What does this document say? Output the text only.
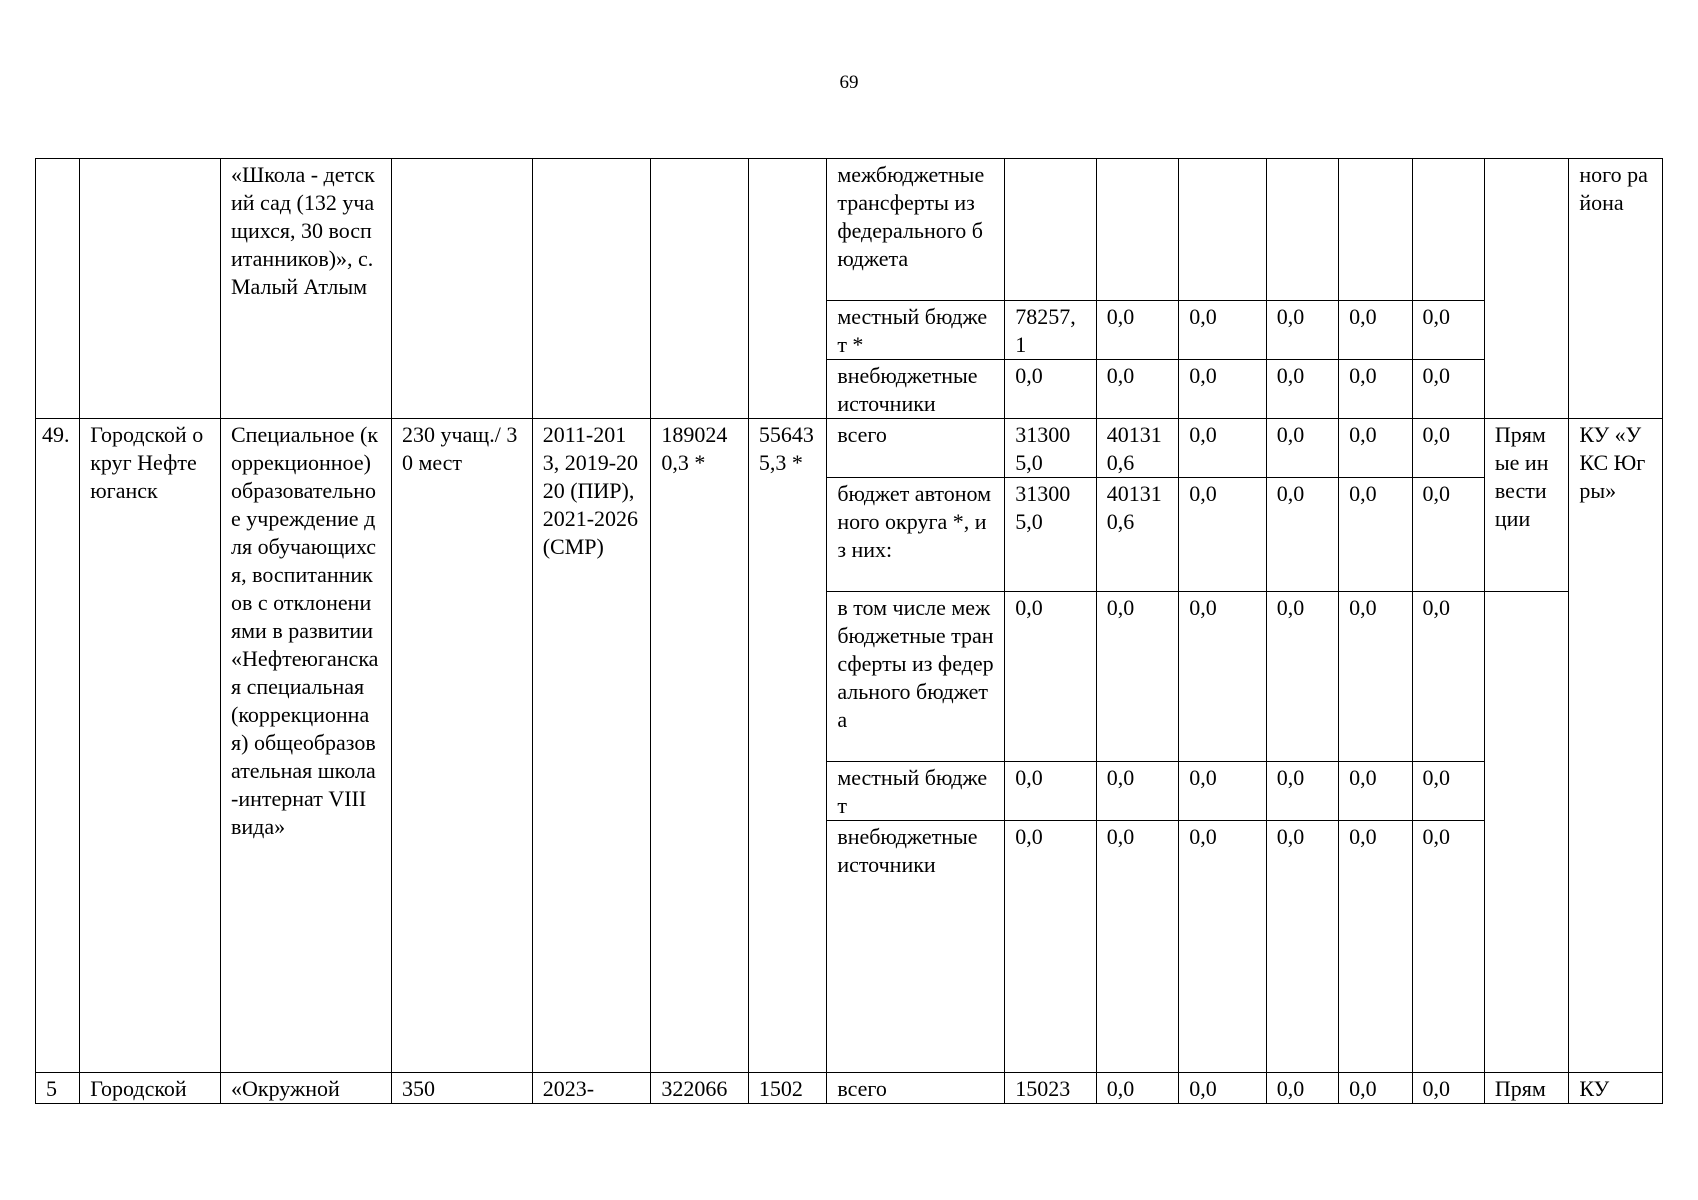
69
		«Школа - детский сад (132 учащихся, 30 воспитанников)», с. Малый Атлым					межбюджетные трансферты из федерального бюджета								ного района
							местный бюджет *	78257,1	0,0	0,0	0,0	0,0	0,0		
							внебюджетные источники	0,0	0,0	0,0	0,0	0,0	0,0		
49.	Городской округ Нефтеюганск	Специальное (коррекционное) образовательное учреждение для обучающихся, воспитанников с отклонениями в развитии «Нефтеюганская специальная (коррекционная) общеобразовательная школа-интернат VIII вида»	230 учащ./ 30 мест	2011-2013, 2019-2020 (ПИР), 2021-2026 (СМР)	1890240,3 *	556435,3 *	всего	313005,0	401310,6	0,0	0,0	0,0	0,0	Прямые инвестиции	КУ «УКС Югры»
							бюджет автономного округа *, из них:	313005,0	401310,6	0,0	0,0	0,0	0,0		
							в том числе межбюджетные трансферты из федерального бюджета	0,0	0,0	0,0	0,0	0,0	0,0		
							местный бюджет	0,0	0,0	0,0	0,0	0,0	0,0		
							внебюджетные источники	0,0	0,0	0,0	0,0	0,0	0,0		
5	Городской	«Окружной	350	2023-	322066	1502	всего	15023	0,0	0,0	0,0	0,0	0,0	Прям	КУ
